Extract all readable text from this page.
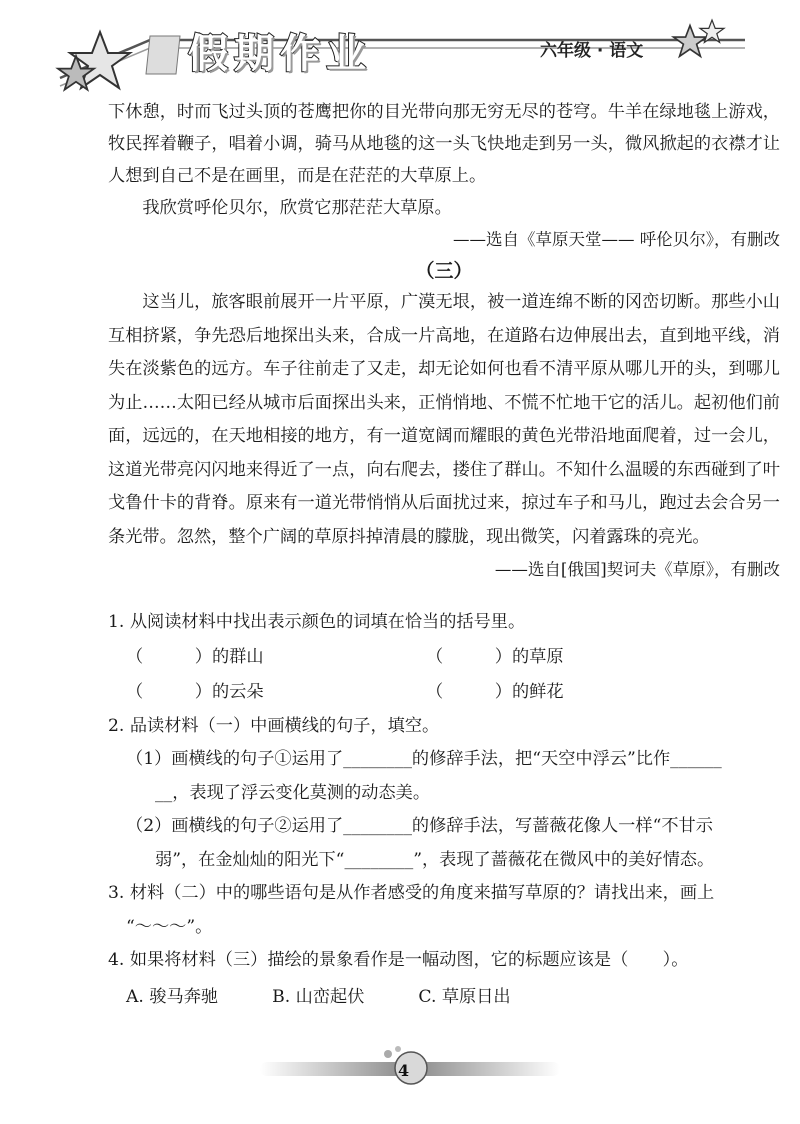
假期作业	六年级 · 语文

下休憩，时而飞过头顶的苍鹰把你的目光带向那无穷无尽的苍穹。牛羊在绿地毯上游戏，牧民挥着鞭子，唱着小调，骑马从地毯的这一头飞快地走到另一头，微风掀起的衣襟才让人想到自己不是在画里，而是在茫茫的大草原上。

我欣赏呼伦贝尔，欣赏它那茫茫大草原。

——选自《草原天堂—— 呼伦贝尔》，有删改

（三）

这当儿，旅客眼前展开一片平原，广漠无垠，被一道连绵不断的冈峦切断。那些小山互相挤紧，争先恐后地探出头来，合成一片高地，在道路右边伸展出去，直到地平线，消失在淡紫色的远方。车子往前走了又走，却无论如何也看不清平原从哪儿开的头，到哪儿为止……太阳已经从城市后面探出头来，正悄悄地、不慌不忙地干它的活儿。起初他们前面，远远的，在天地相接的地方，有一道宽阔而耀眼的黄色光带沿地面爬着，过一会儿，这道光带亮闪闪地来得近了一点，向右爬去，搂住了群山。不知什么温暖的东西碰到了叶戈鲁什卡的背脊。原来有一道光带悄悄从后面扰过来，掠过车子和马儿，跑过去会合另一条光带。忽然，整个广阔的草原抖掉清晨的朦胧，现出微笑，闪着露珠的亮光。

——选自[俄国]契诃夫《草原》，有删改

1. 从阅读材料中找出表示颜色的词填在恰当的括号里。

（　　　）的群山	（　　　）的草原
（　　　）的云朵	（　　　）的鲜花

2. 品读材料（一）中画横线的句子，填空。

（1）画横线的句子①运用了________的修辞手法，把“天空中浮云”比作______

__，表现了浮云变化莫测的动态美。

（2）画横线的句子②运用了________的修辞手法，写蔷薇花像人一样“不甘示

弱”，在金灿灿的阳光下“________”，表现了蔷薇花在微风中的美好情态。

3. 材料（二）中的哪些语句是从作者感受的角度来描写草原的？请找出来，画上

“～～～”。

4. 如果将材料（三）描绘的景象看作是一幅动图，它的标题应该是（　　）。

A. 骏马奔驰	B. 山峦起伏	C. 草原日出
4
